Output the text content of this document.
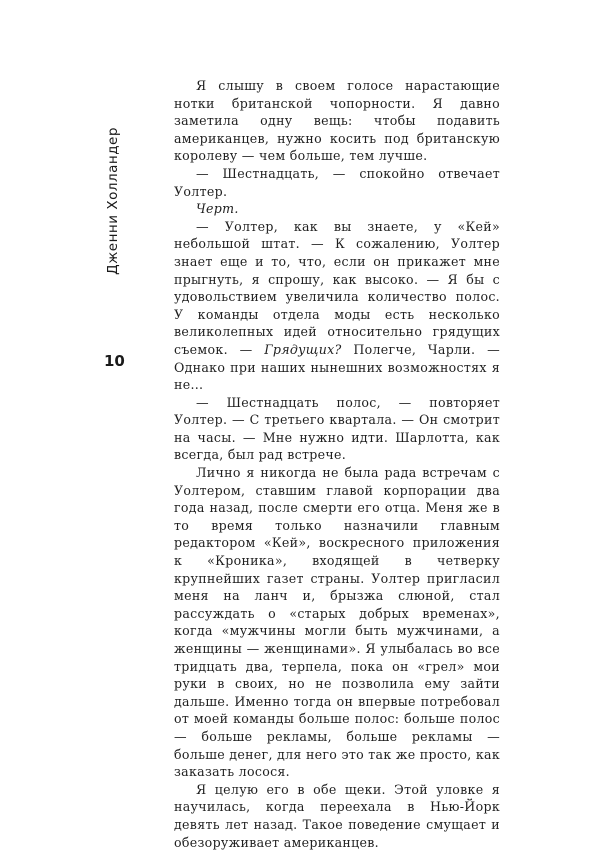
Дженни Холландер
10

Я слышу в своем голосе нарастающие нотки британской чопорности. Я давно заметила одну вещь: чтобы подавить американцев, нужно косить под британскую королеву — чем больше, тем лучше.

— Шестнадцать, — спокойно отвечает Уолтер.

Черт.

— Уолтер, как вы знаете, у «Кей» небольшой штат. — К сожалению, Уолтер знает еще и то, что, если он прикажет мне прыгнуть, я спрошу, как высоко. — Я бы с удовольствием увеличила количество полос. У команды отдела моды есть несколько великолепных идей относительно грядущих съемок. — Грядущих? Полегче, Чарли. — Однако при наших нынешних возможностях я не...

— Шестнадцать полос, — повторяет Уолтер. — С третьего квартала. — Он смотрит на часы. — Мне нужно идти. Шарлотта, как всегда, был рад встрече.

Лично я никогда не была рада встречам с Уолтером, ставшим главой корпорации два года назад, после смерти его отца. Меня же в то время только назначили главным редактором «Кей», воскресного приложения к «Кроника», входящей в четверку крупнейших газет страны. Уолтер пригласил меня на ланч и, брызжа слюной, стал рассуждать о «старых добрых временах», когда «мужчины могли быть мужчинами, а женщины — женщинами». Я улыбалась во все тридцать два, терпела, пока он «грел» мои руки в своих, но не позволила ему зайти дальше. Именно тогда он впервые потребовал от моей команды больше полос: больше полос — больше рекламы, больше рекламы — больше денег, для него это так же просто, как заказать лосося.

Я целую его в обе щеки. Этой уловке я научилась, когда переехала в Нью-Йорк девять лет назад. Такое поведение смущает и обезоруживает американцев.
